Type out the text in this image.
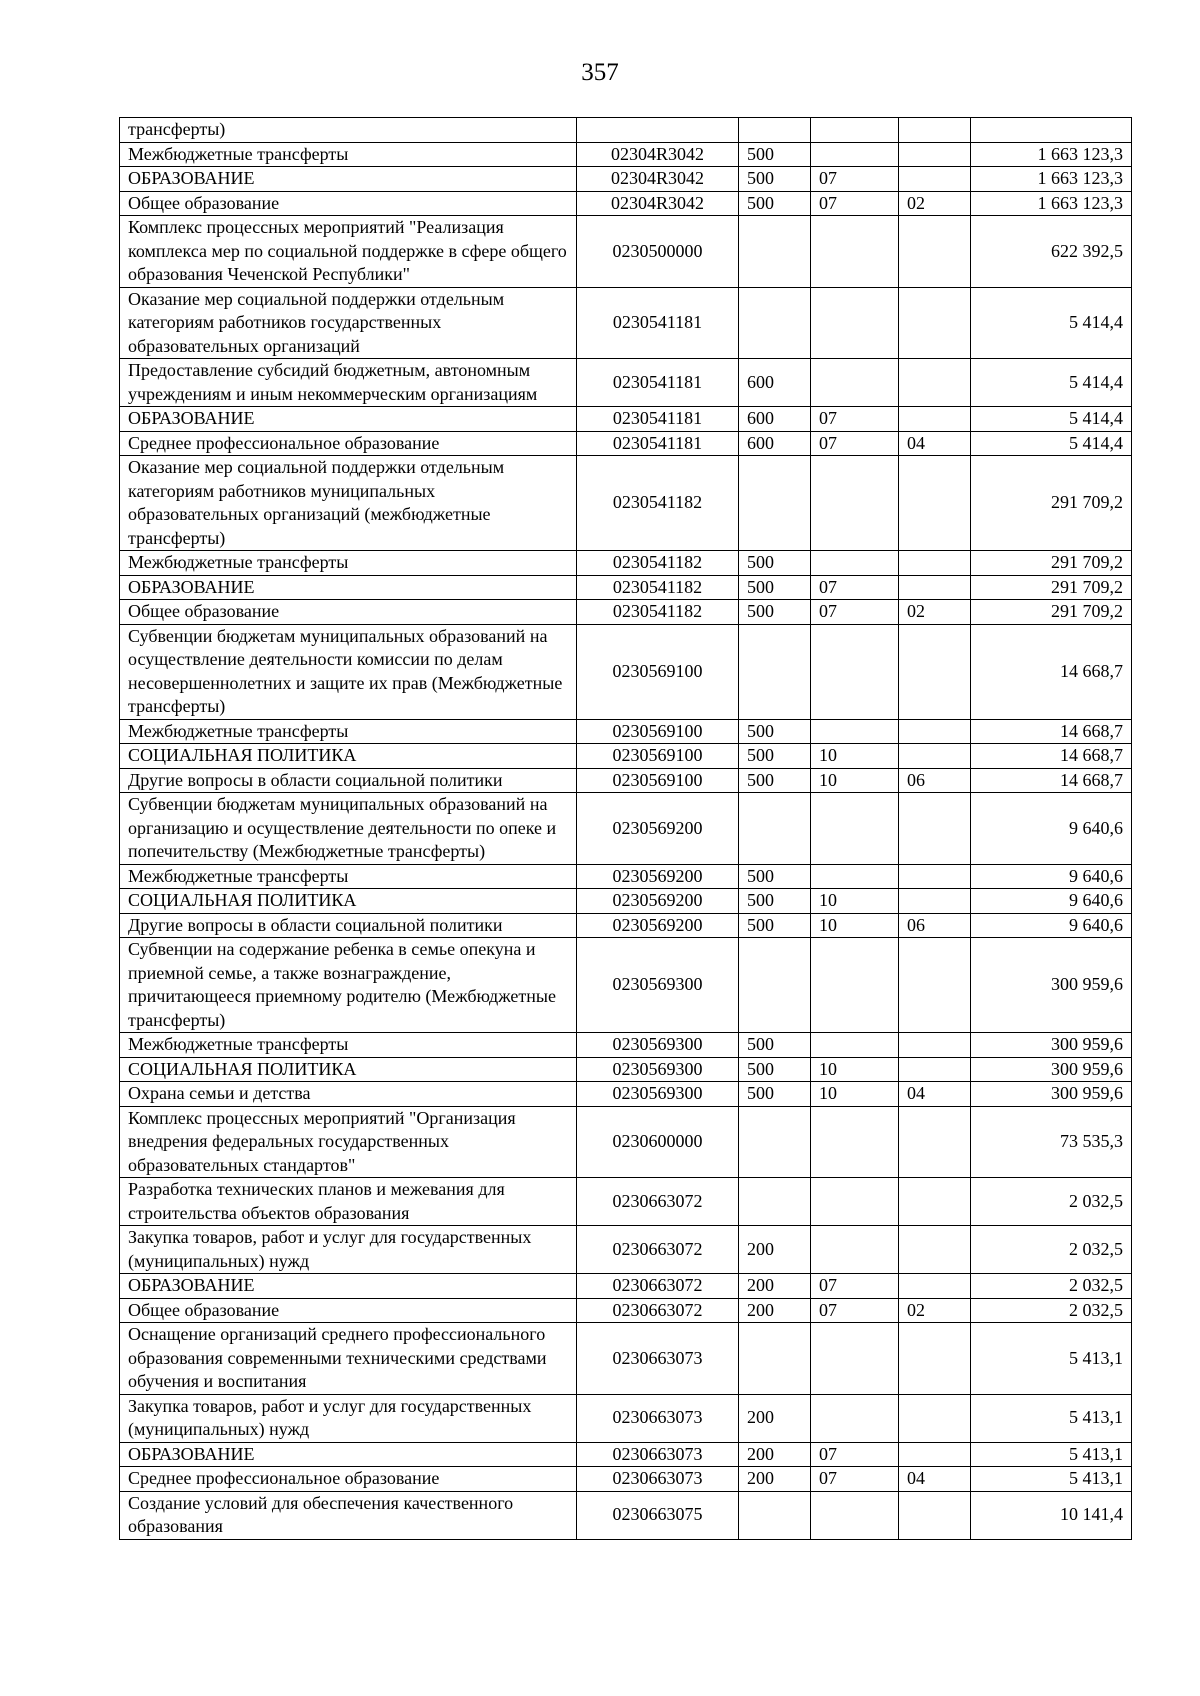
357
трансферты)					
Межбюджетные трансферты	02304R3042	500			1 663 123,3
ОБРАЗОВАНИЕ	02304R3042	500	07		1 663 123,3
Общее образование	02304R3042	500	07	02	1 663 123,3
Комплекс процессных мероприятий "Реализация комплекса мер по социальной поддержке в сфере общего образования Чеченской Республики"	0230500000				622 392,5
Оказание мер социальной поддержки отдельным категориям работников государственных образовательных организаций	0230541181				5 414,4
Предоставление субсидий бюджетным, автономным учреждениям и иным некоммерческим организациям	0230541181	600			5 414,4
ОБРАЗОВАНИЕ	0230541181	600	07		5 414,4
Среднее профессиональное образование	0230541181	600	07	04	5 414,4
Оказание мер социальной поддержки отдельным категориям работников муниципальных образовательных организаций (межбюджетные трансферты)	0230541182				291 709,2
Межбюджетные трансферты	0230541182	500			291 709,2
ОБРАЗОВАНИЕ	0230541182	500	07		291 709,2
Общее образование	0230541182	500	07	02	291 709,2
Субвенции бюджетам муниципальных образований на осуществление деятельности комиссии по делам несовершеннолетних и защите их прав (Межбюджетные трансферты)	0230569100				14 668,7
Межбюджетные трансферты	0230569100	500			14 668,7
СОЦИАЛЬНАЯ ПОЛИТИКА	0230569100	500	10		14 668,7
Другие вопросы в области социальной политики	0230569100	500	10	06	14 668,7
Субвенции бюджетам муниципальных образований на организацию и осуществление деятельности по опеке и попечительству (Межбюджетные трансферты)	0230569200				9 640,6
Межбюджетные трансферты	0230569200	500			9 640,6
СОЦИАЛЬНАЯ ПОЛИТИКА	0230569200	500	10		9 640,6
Другие вопросы в области социальной политики	0230569200	500	10	06	9 640,6
Субвенции на содержание ребенка в семье опекуна и приемной семье, а также вознаграждение, причитающееся приемному родителю (Межбюджетные трансферты)	0230569300				300 959,6
Межбюджетные трансферты	0230569300	500			300 959,6
СОЦИАЛЬНАЯ ПОЛИТИКА	0230569300	500	10		300 959,6
Охрана семьи и детства	0230569300	500	10	04	300 959,6
Комплекс процессных мероприятий "Организация внедрения федеральных государственных образовательных стандартов"	0230600000				73 535,3
Разработка технических планов и межевания для строительства объектов образования	0230663072				2 032,5
Закупка товаров, работ и услуг для государственных (муниципальных) нужд	0230663072	200			2 032,5
ОБРАЗОВАНИЕ	0230663072	200	07		2 032,5
Общее образование	0230663072	200	07	02	2 032,5
Оснащение организаций среднего профессионального образования современными техническими средствами обучения и воспитания	0230663073				5 413,1
Закупка товаров, работ и услуг для государственных (муниципальных) нужд	0230663073	200			5 413,1
ОБРАЗОВАНИЕ	0230663073	200	07		5 413,1
Среднее профессиональное образование	0230663073	200	07	04	5 413,1
Создание условий для обеспечения качественного образования	0230663075				10 141,4
